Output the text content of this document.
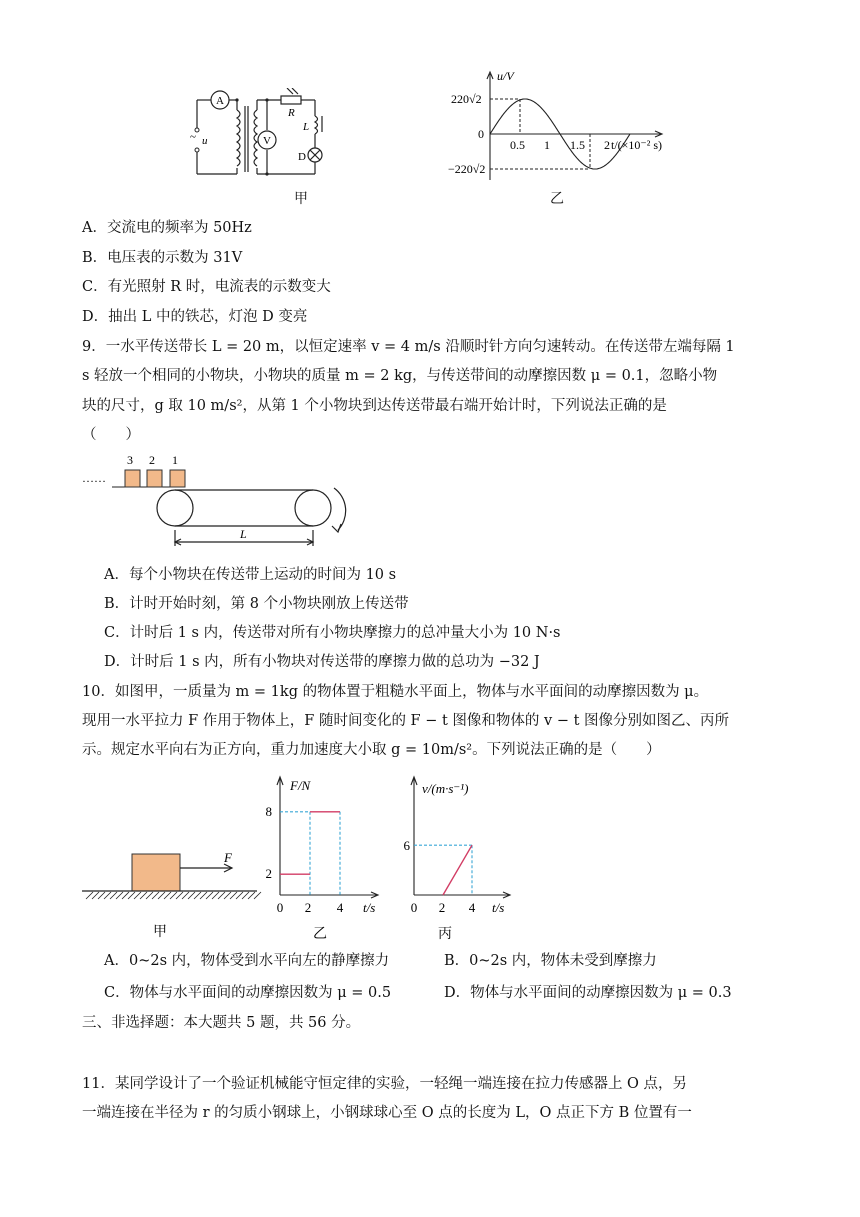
A
V
R
L
D
~ u
甲
u/V
220√2
0
−220√2
0.5 1 1.5 2 t/(×10⁻² s)
乙
A．交流电的频率为 50Hz
B．电压表的示数为 31V
C．有光照射 R 时，电流表的示数变大
D．抽出 L 中的铁芯，灯泡 D 变亮
9．一水平传送带长 L = 20 m，以恒定速率 v = 4 m/s 沿顺时针方向匀速转动。在传送带左端每隔 1
s 轻放一个相同的小物块，小物块的质量 m = 2 kg，与传送带间的动摩擦因数 μ = 0.1，忽略小物
块的尺寸，g 取 10 m/s²，从第 1 个小物块到达传送带最右端开始计时，下列说法正确的是
（　　）
……
3 2 1
L
A．每个小物块在传送带上运动的时间为 10 s
B．计时开始时刻，第 8 个小物块刚放上传送带
C．计时后 1 s 内，传送带对所有小物块摩擦力的总冲量大小为 10 N·s
D．计时后 1 s 内，所有小物块对传送带的摩擦力做的总功为 −32 J
10．如图甲，一质量为 m = 1kg 的物体置于粗糙水平面上，物体与水平面间的动摩擦因数为 μ。
现用一水平拉力 F 作用于物体上，F 随时间变化的 F − t 图像和物体的 v − t 图像分别如图乙、丙所
示。规定水平向右为正方向，重力加速度大小取 g = 10m/s²。下列说法正确的是（　　）
F
甲
F/N
t/s
8
2
0 2 4
乙
v/(m·s⁻¹)
t/s
6
0 2 4
丙
A．0~2s 内，物体受到水平向左的静摩擦力	B．0~2s 内，物体未受到摩擦力
C．物体与水平面间的动摩擦因数为 μ = 0.5	D．物体与水平面间的动摩擦因数为 μ = 0.3
三、非选择题：本大题共 5 题，共 56 分。
11．某同学设计了一个验证机械能守恒定律的实验，一轻绳一端连接在拉力传感器上 O 点，另
一端连接在半径为 r 的匀质小钢球上，小钢球球心至 O 点的长度为 L，O 点正下方 B 位置有一
